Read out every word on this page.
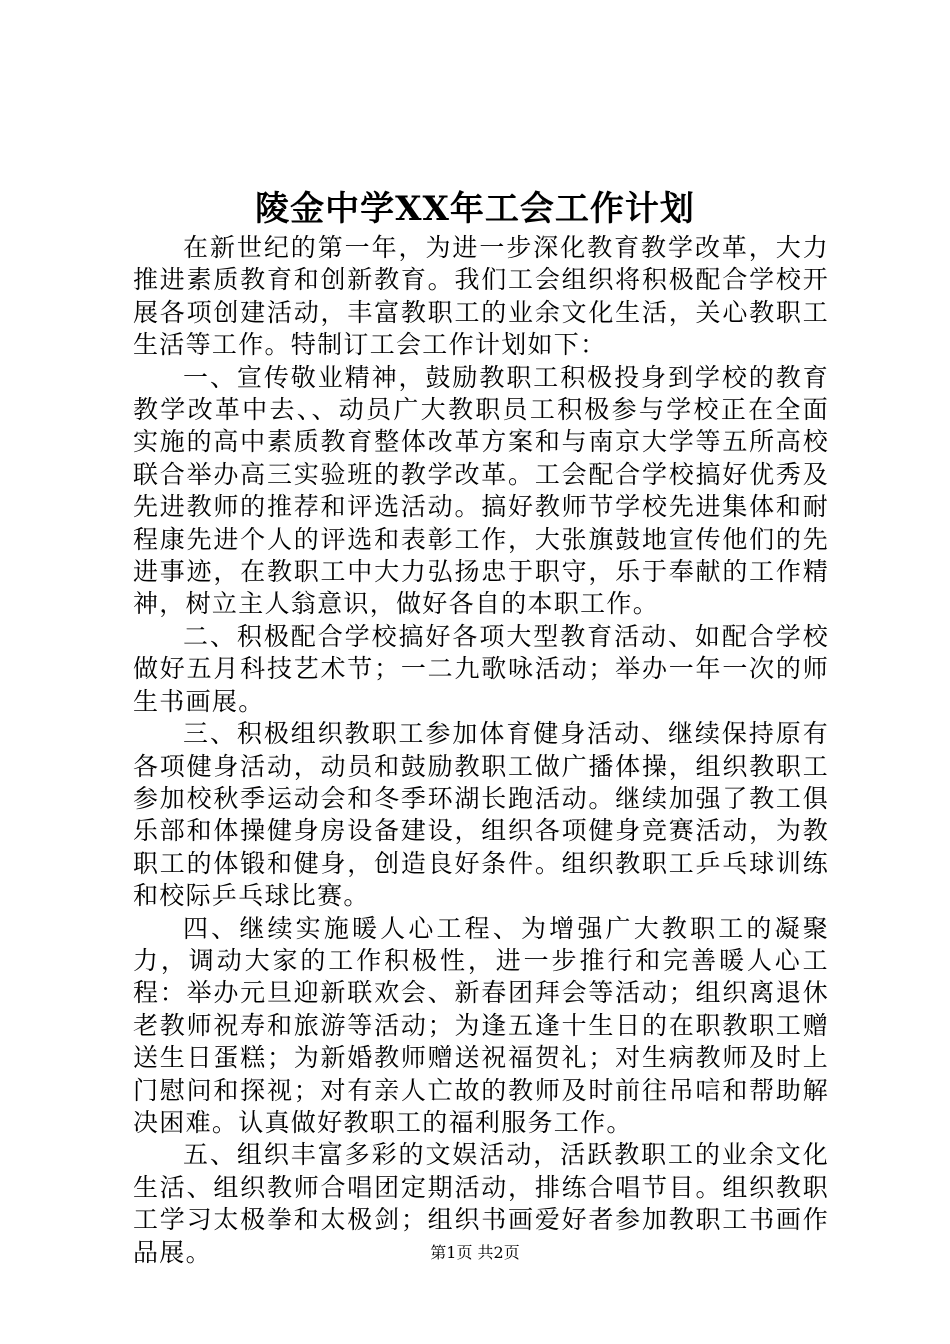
陵金中学XX年工会工作计划

在新世纪的第一年，为进一步深化教育教学改革，大力推进素质教育和创新教育。我们工会组织将积极配合学校开展各项创建活动，丰富教职工的业余文化生活，关心教职工生活等工作。特制订工会工作计划如下：

一、宣传敬业精神，鼓励教职工积极投身到学校的教育教学改革中去、、动员广大教职员工积极参与学校正在全面实施的高中素质教育整体改革方案和与南京大学等五所高校联合举办高三实验班的教学改革。工会配合学校搞好优秀及先进教师的推荐和评选活动。搞好教师节学校先进集体和耐程康先进个人的评选和表彰工作，大张旗鼓地宣传他们的先进事迹，在教职工中大力弘扬忠于职守，乐于奉献的工作精神，树立主人翁意识，做好各自的本职工作。

二、积极配合学校搞好各项大型教育活动、如配合学校做好五月科技艺术节；一二九歌咏活动；举办一年一次的师生书画展。

三、积极组织教职工参加体育健身活动、继续保持原有各项健身活动，动员和鼓励教职工做广播体操，组织教职工参加校秋季运动会和冬季环湖长跑活动。继续加强了教工俱乐部和体操健身房设备建设，组织各项健身竞赛活动，为教职工的体锻和健身，创造良好条件。组织教职工乒乓球训练和校际乒乓球比赛。

四、继续实施暖人心工程、为增强广大教职工的凝聚力，调动大家的工作积极性，进一步推行和完善暖人心工程：举办元旦迎新联欢会、新春团拜会等活动；组织离退休老教师祝寿和旅游等活动；为逢五逢十生日的在职教职工赠送生日蛋糕；为新婚教师赠送祝福贺礼；对生病教师及时上门慰问和探视；对有亲人亡故的教师及时前往吊唁和帮助解决困难。认真做好教职工的福利服务工作。

五、组织丰富多彩的文娱活动，活跃教职工的业余文化生活、组织教师合唱团定期活动，排练合唱节目。组织教职工学习太极拳和太极剑；组织书画爱好者参加教职工书画作品展。	第1页 共2页
